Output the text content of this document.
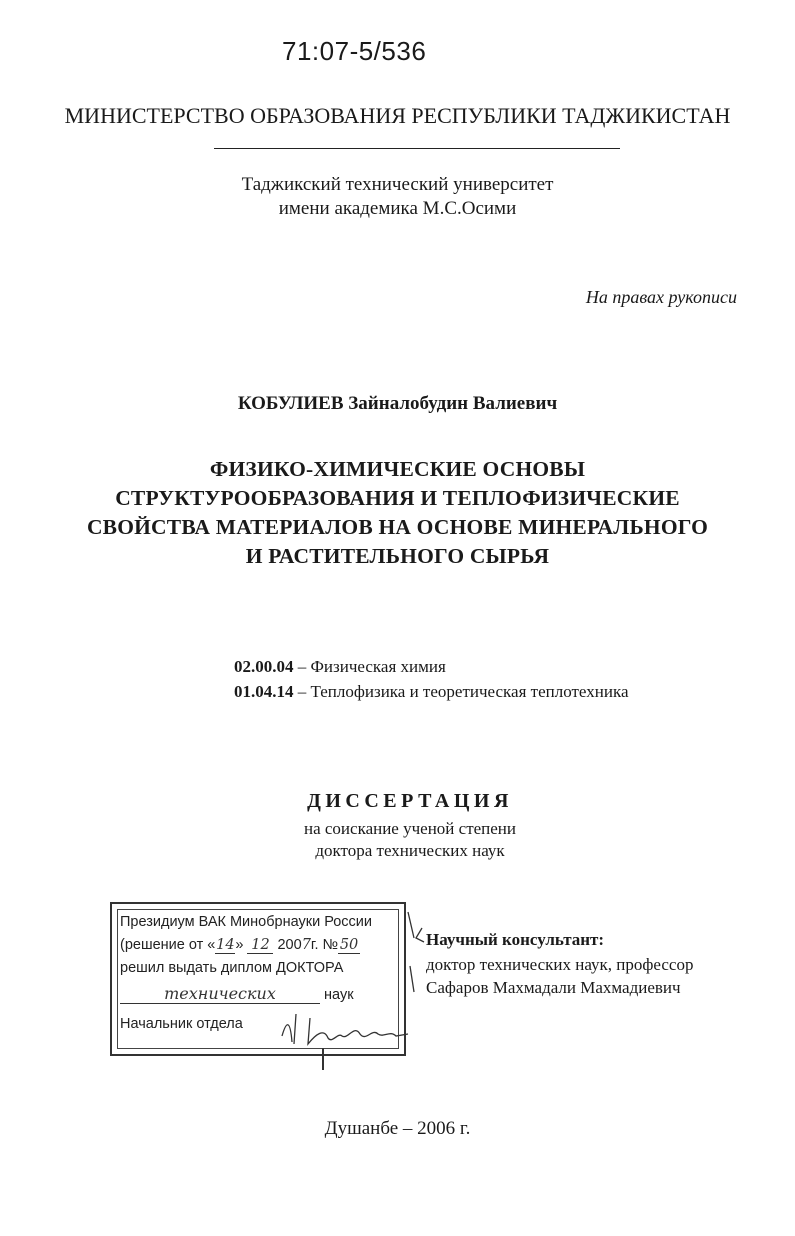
71:07-5/536
МИНИСТЕРСТВО ОБРАЗОВАНИЯ РЕСПУБЛИКИ ТАДЖИКИСТАН
Таджикский технический университет
имени академика М.С.Осими
На правах рукописи
КОБУЛИЕВ Зайналобудин Валиевич
ФИЗИКО-ХИМИЧЕСКИЕ ОСНОВЫ
СТРУКТУРООБРАЗОВАНИЯ И ТЕПЛОФИЗИЧЕСКИЕ
СВОЙСТВА МАТЕРИАЛОВ НА ОСНОВЕ МИНЕРАЛЬНОГО
И РАСТИТЕЛЬНОГО СЫРЬЯ
02.00.04 – Физическая химия
01.04.14 – Теплофизика и теоретическая теплотехника
ДИССЕРТАЦИЯ
на соискание ученой степени
доктора технических наук
Научный консультант:
доктор технических наук, профессор
Сафаров Махмадали Махмадиевич
Президиум ВАК Минобрнауки России
(решение от «14» 12 2007г. № 50
решил выдать диплом ДОКТОРА
технических	наук
Начальник отдела
Душанбе – 2006 г.
